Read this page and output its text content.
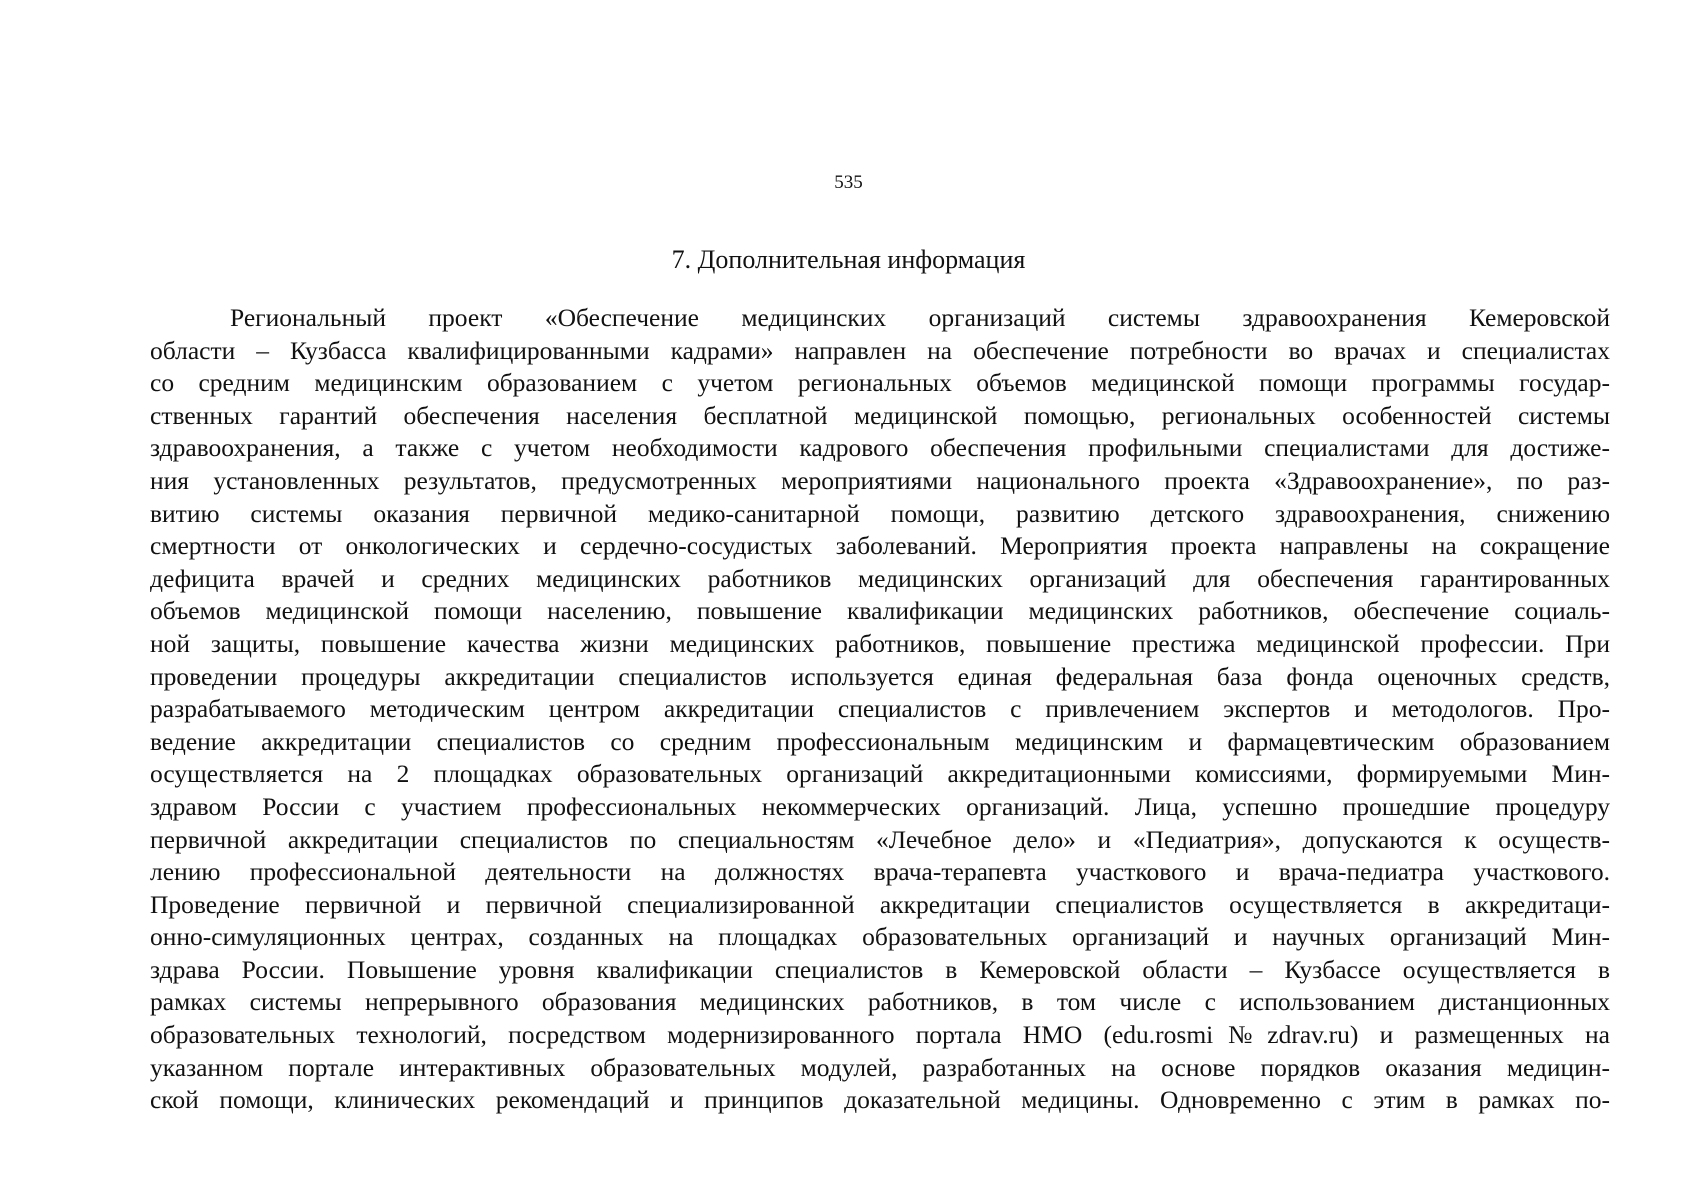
535
7. Дополнительная информация
Региональный проект «Обеспечение медицинских организаций системы здравоохранения Кемеровской
области – Кузбасса квалифицированными кадрами» направлен на обеспечение потребности во врачах и специалистах
со средним медицинским образованием с учетом региональных объемов медицинской помощи программы государ-
ственных гарантий обеспечения населения бесплатной медицинской помощью, региональных особенностей системы
здравоохранения, а также с учетом необходимости кадрового обеспечения профильными специалистами для достиже-
ния установленных результатов, предусмотренных мероприятиями национального проекта «Здравоохранение», по раз-
витию системы оказания первичной медико-санитарной помощи, развитию детского здравоохранения, снижению
смертности от онкологических и сердечно-сосудистых заболеваний. Мероприятия проекта направлены на сокращение
дефицита врачей и средних медицинских работников медицинских организаций для обеспечения гарантированных
объемов медицинской помощи населению, повышение квалификации медицинских работников, обеспечение социаль-
ной защиты, повышение качества жизни медицинских работников, повышение престижа медицинской профессии. При
проведении процедуры аккредитации специалистов используется единая федеральная база фонда оценочных средств,
разрабатываемого методическим центром аккредитации специалистов с привлечением экспертов и методологов. Про-
ведение аккредитации специалистов со средним профессиональным медицинским и фармацевтическим образованием
осуществляется на 2 площадках образовательных организаций аккредитационными комиссиями, формируемыми Мин-
здравом России с участием профессиональных некоммерческих организаций. Лица, успешно прошедшие процедуру
первичной аккредитации специалистов по специальностям «Лечебное дело» и «Педиатрия», допускаются к осуществ-
лению профессиональной деятельности на должностях врача-терапевта участкового и врача-педиатра участкового.
Проведение первичной и первичной специализированной аккредитации специалистов осуществляется в аккредитаци-
онно-симуляционных центрах, созданных на площадках образовательных организаций и научных организаций Мин-
здрава России. Повышение уровня квалификации специалистов в Кемеровской области – Кузбассе осуществляется в
рамках системы непрерывного образования медицинских работников, в том числе с использованием дистанционных
образовательных технологий, посредством модернизированного портала НМО (edu.rosmi№zdrav.ru) и размещенных на
указанном портале интерактивных образовательных модулей, разработанных на основе порядков оказания медицин-
ской помощи, клинических рекомендаций и принципов доказательной медицины. Одновременно с этим в рамках по-
